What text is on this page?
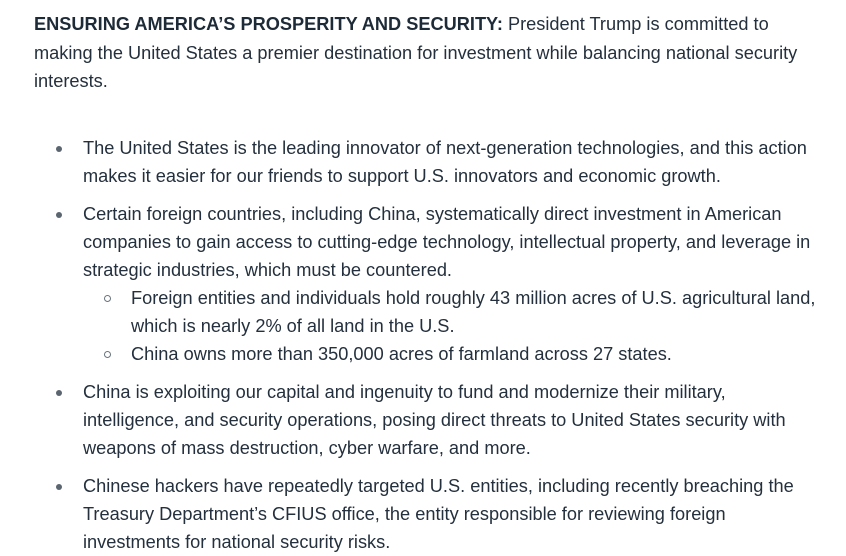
ENSURING AMERICA’S PROSPERITY AND SECURITY: President Trump is committed to making the United States a premier destination for investment while balancing national security interests.

The United States is the leading innovator of next-generation technologies, and this action makes it easier for our friends to support U.S. innovators and economic growth.
Certain foreign countries, including China, systematically direct investment in American companies to gain access to cutting-edge technology, intellectual property, and leverage in strategic industries, which must be countered.
Foreign entities and individuals hold roughly 43 million acres of U.S. agricultural land, which is nearly 2% of all land in the U.S.
China owns more than 350,000 acres of farmland across 27 states.
China is exploiting our capital and ingenuity to fund and modernize their military, intelligence, and security operations, posing direct threats to United States security with weapons of mass destruction, cyber warfare, and more.
Chinese hackers have repeatedly targeted U.S. entities, including recently breaching the Treasury Department’s CFIUS office, the entity responsible for reviewing foreign investments for national security risks.
